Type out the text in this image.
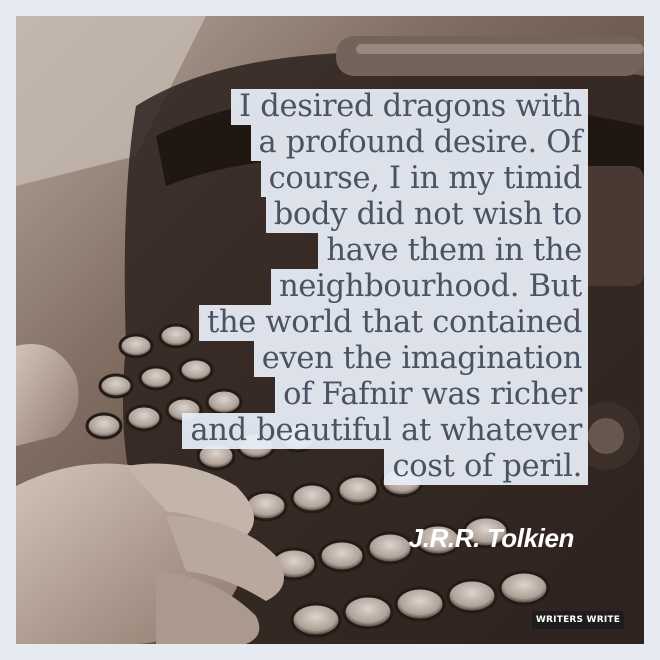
I desired dragons with
a profound desire. Of
course, I in my timid
body did not wish to
have them in the
neighbourhood. But
the world that contained
even the imagination
of Fafnir was richer
and beautiful at whatever
cost of peril.
J.R.R. Tolkien
WRITERS WRITE
